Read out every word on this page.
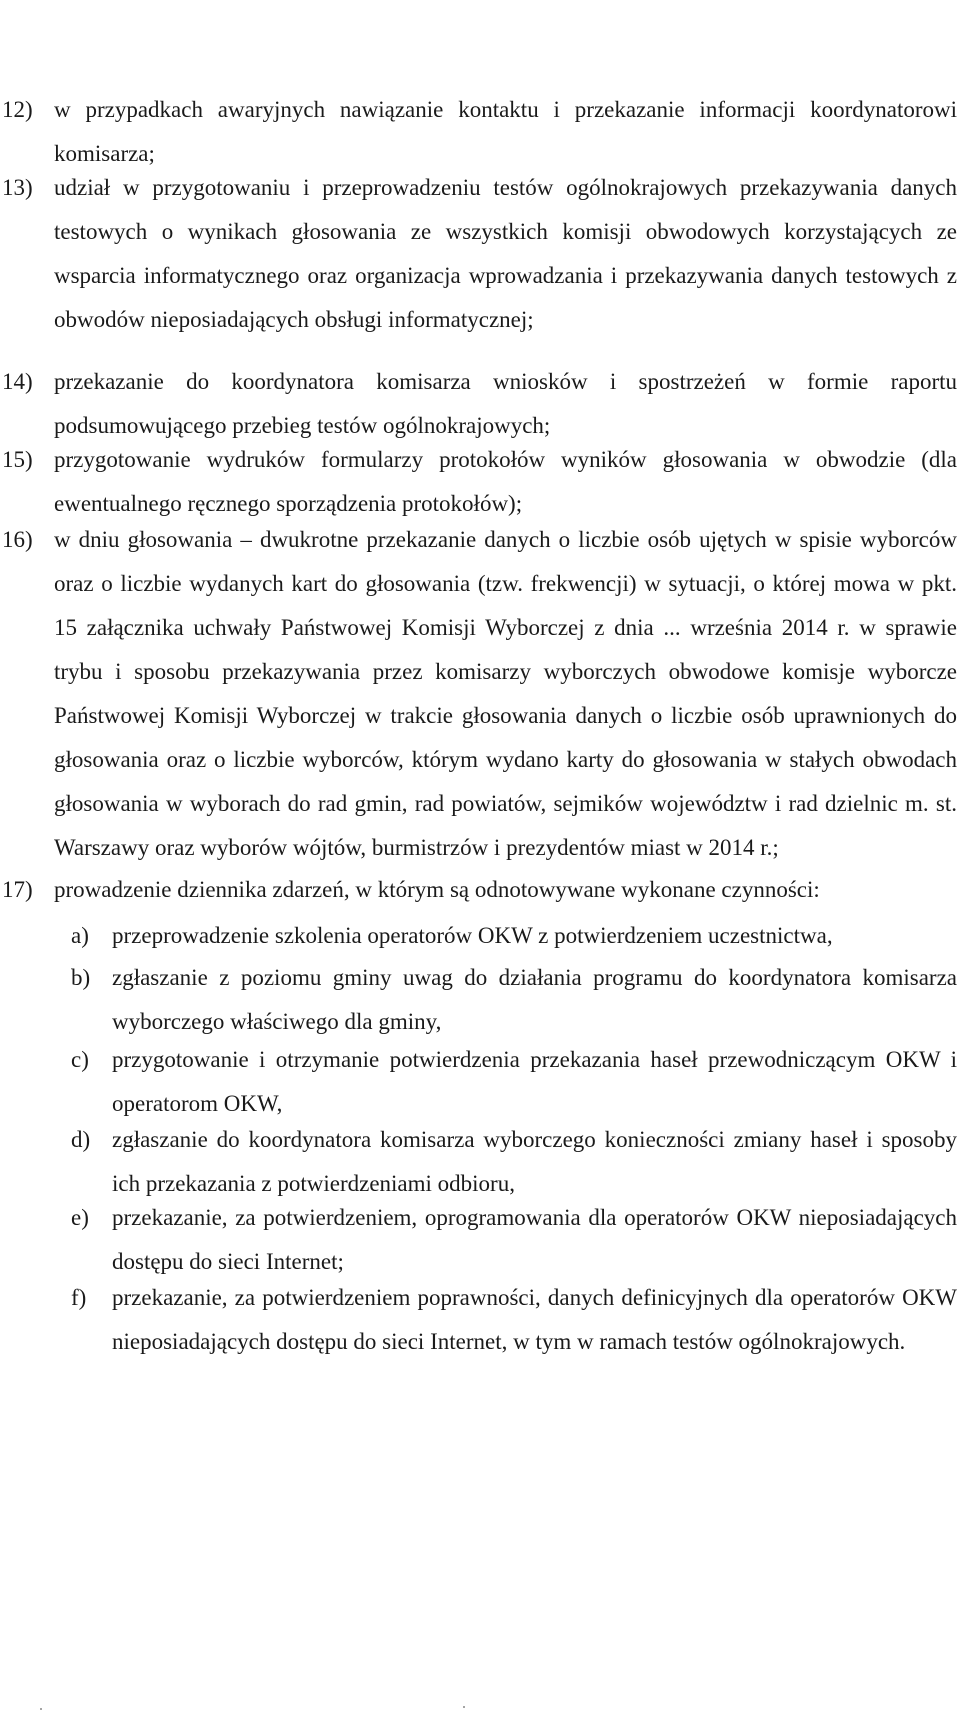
12) w przypadkach awaryjnych nawiązanie kontaktu i przekazanie informacji koordynatorowi komisarza;
13) udział w przygotowaniu i przeprowadzeniu testów ogólnokrajowych przekazywania danych testowych o wynikach głosowania ze wszystkich komisji obwodowych korzystających ze wsparcia informatycznego oraz organizacja wprowadzania i przekazywania danych testowych z obwodów nieposiadających obsługi informatycznej;
14) przekazanie do koordynatora komisarza wniosków i spostrzeżeń w formie raportu podsumowującego przebieg testów ogólnokrajowych;
15) przygotowanie wydruków formularzy protokołów wyników głosowania w obwodzie (dla ewentualnego ręcznego sporządzenia protokołów);
16) w dniu głosowania – dwukrotne przekazanie danych o liczbie osób ujętych w spisie wyborców oraz o liczbie wydanych kart do głosowania (tzw. frekwencji) w sytuacji, o której mowa w pkt. 15 załącznika uchwały Państwowej Komisji Wyborczej z dnia ... września 2014 r. w sprawie trybu i sposobu przekazywania przez komisarzy wyborczych obwodowe komisje wyborcze Państwowej Komisji Wyborczej w trakcie głosowania danych o liczbie osób uprawnionych do głosowania oraz o liczbie wyborców, którym wydano karty do głosowania w stałych obwodach głosowania w wyborach do rad gmin, rad powiatów, sejmików województw i rad dzielnic m. st. Warszawy oraz wyborów wójtów, burmistrzów i prezydentów miast w 2014 r.;
17) prowadzenie dziennika zdarzeń, w którym są odnotowywane wykonane czynności:
a) przeprowadzenie szkolenia operatorów OKW z potwierdzeniem uczestnictwa,
b) zgłaszanie z poziomu gminy uwag do działania programu do koordynatora komisarza wyborczego właściwego dla gminy,
c) przygotowanie i otrzymanie potwierdzenia przekazania haseł przewodniczącym OKW i operatorom OKW,
d) zgłaszanie do koordynatora komisarza wyborczego konieczności zmiany haseł i sposoby ich przekazania z potwierdzeniami odbioru,
e) przekazanie, za potwierdzeniem, oprogramowania dla operatorów OKW nieposiadających dostępu do sieci Internet;
f) przekazanie, za potwierdzeniem poprawności, danych definicyjnych dla operatorów OKW nieposiadających dostępu do sieci Internet, w tym w ramach testów ogólnokrajowych.
